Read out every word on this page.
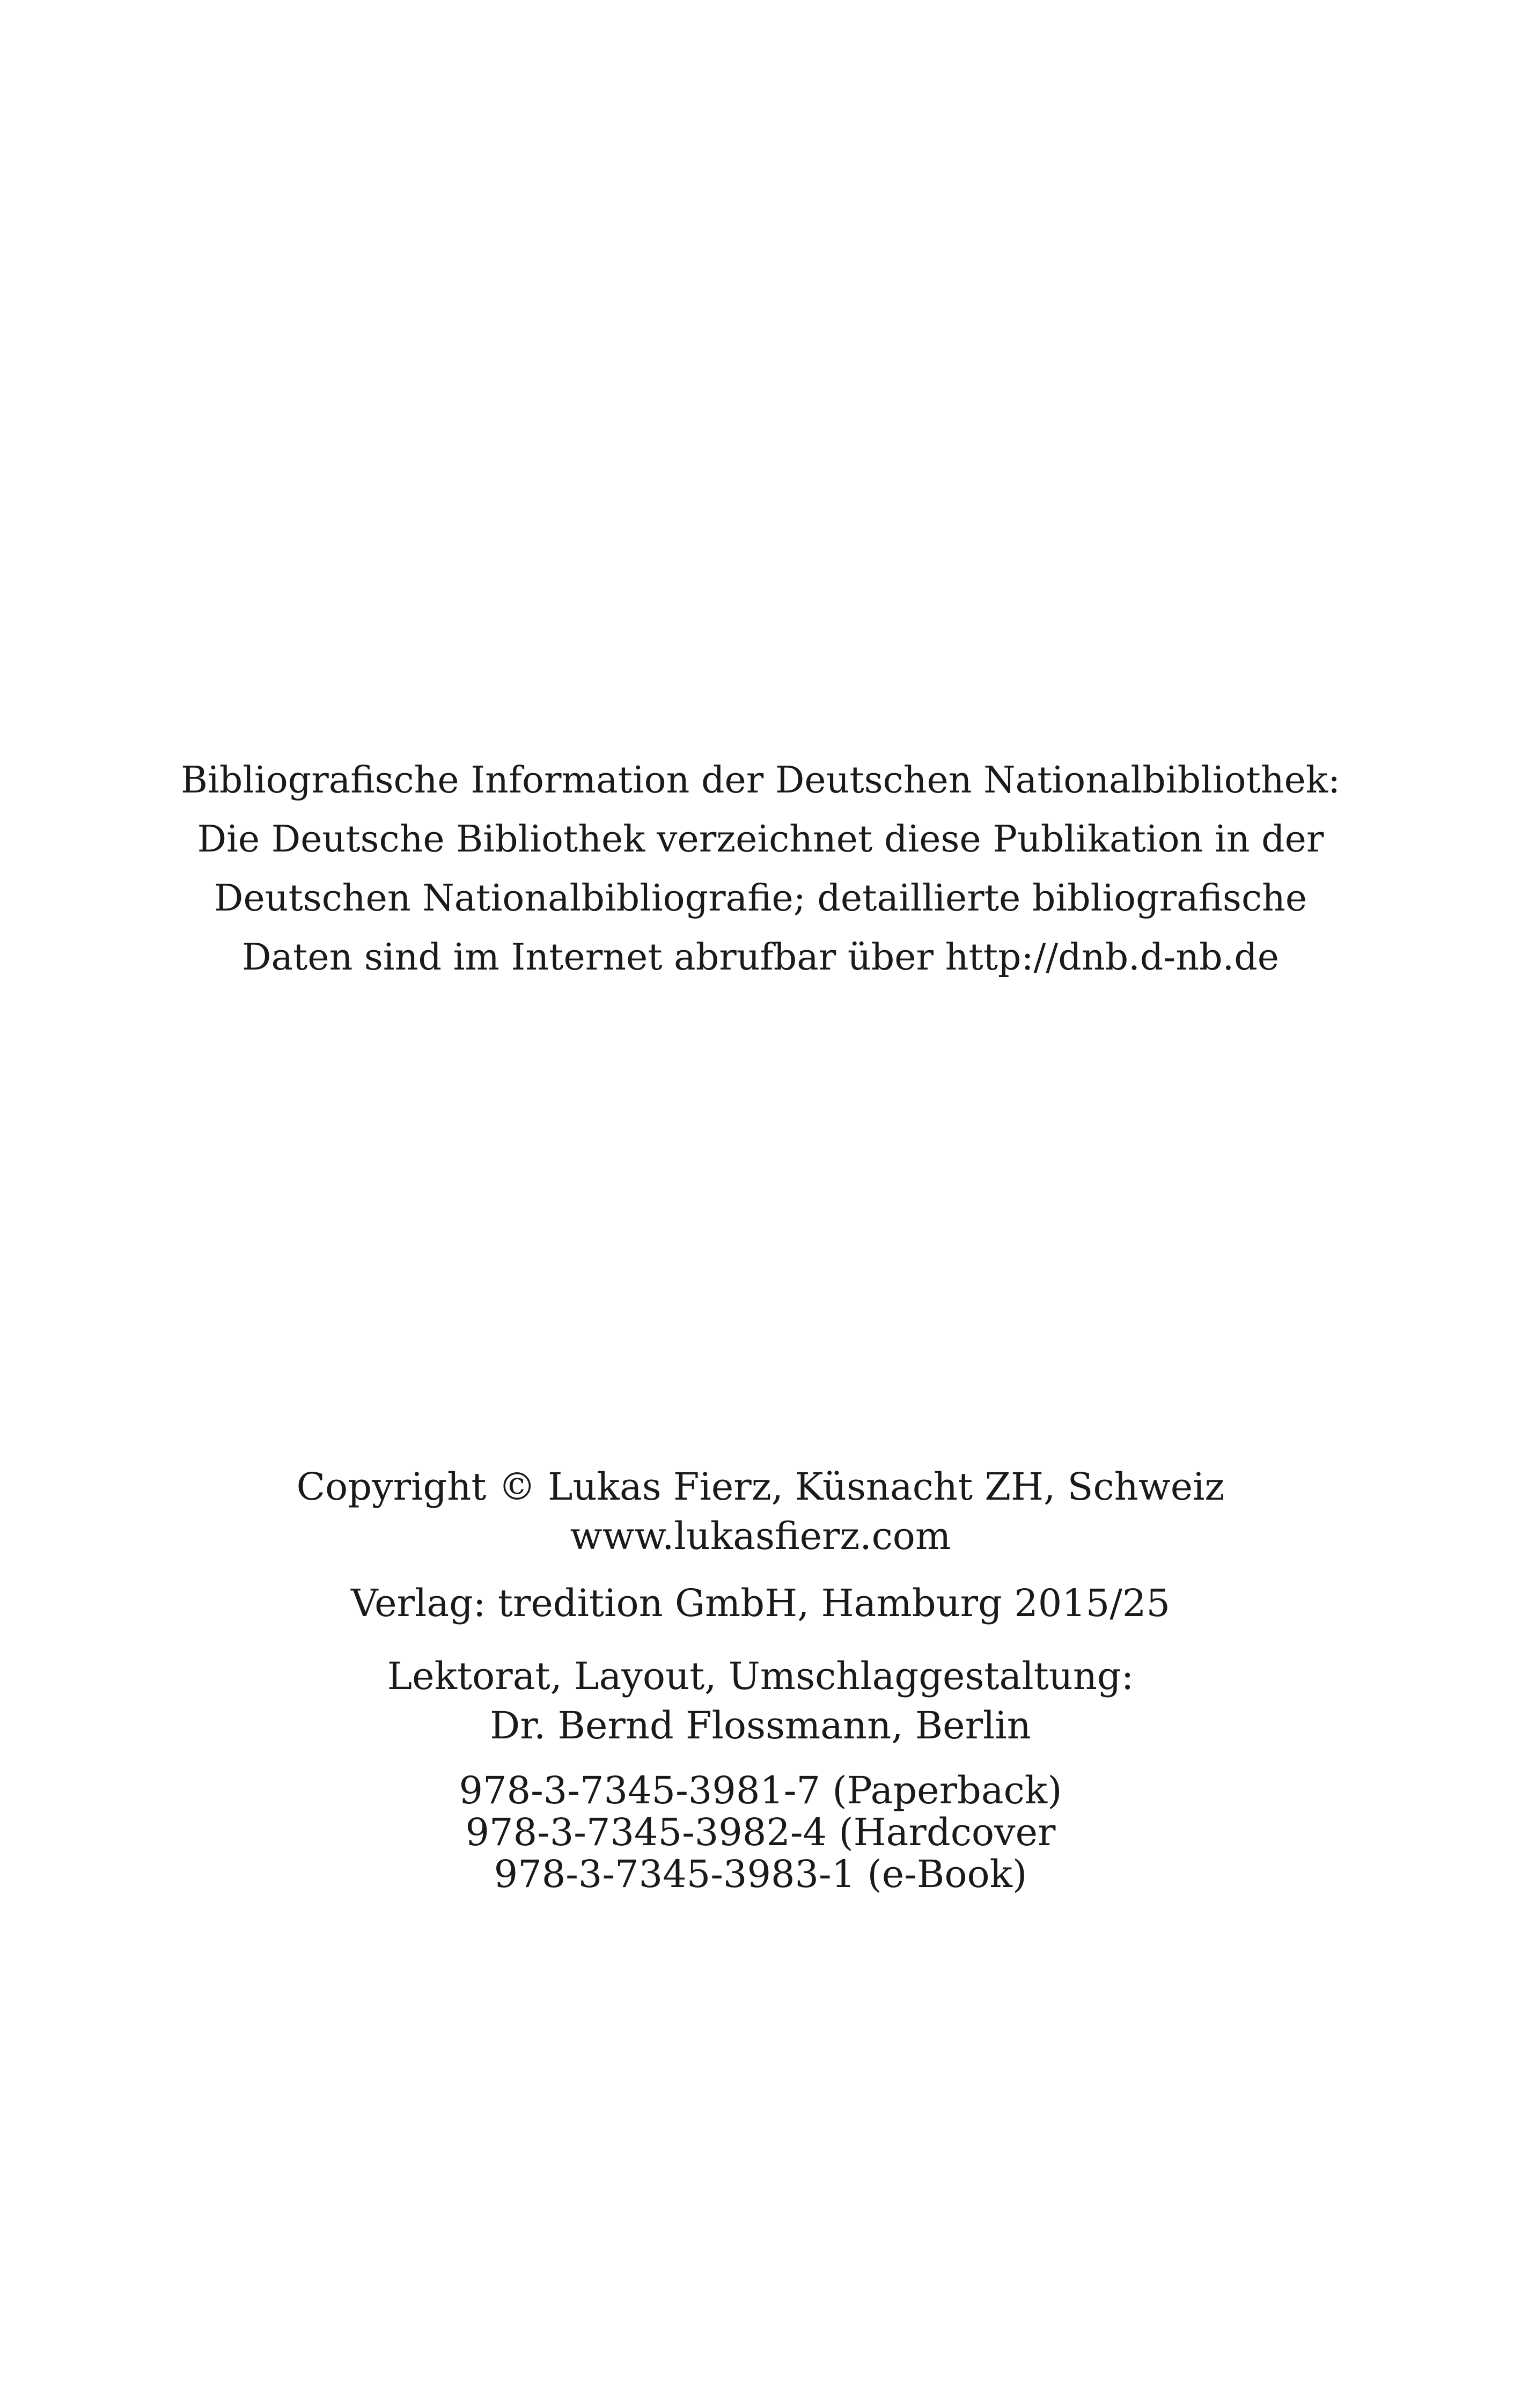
Bibliografische Information der Deutschen Nationalbibliothek:
Die Deutsche Bibliothek verzeichnet diese Publikation in der
Deutschen Nationalbibliografie; detaillierte bibliografische
Daten sind im Internet abrufbar über http://dnb.d-nb.de
Copyright © Lukas Fierz, Küsnacht ZH, Schweiz
www.lukasfierz.com
Verlag: tredition GmbH, Hamburg 2015/25
Lektorat, Layout, Umschlaggestaltung:
Dr. Bernd Flossmann, Berlin
978-3-7345-3981-7 (Paperback)
978-3-7345-3982-4 (Hardcover
978-3-7345-3983-1 (e-Book)
